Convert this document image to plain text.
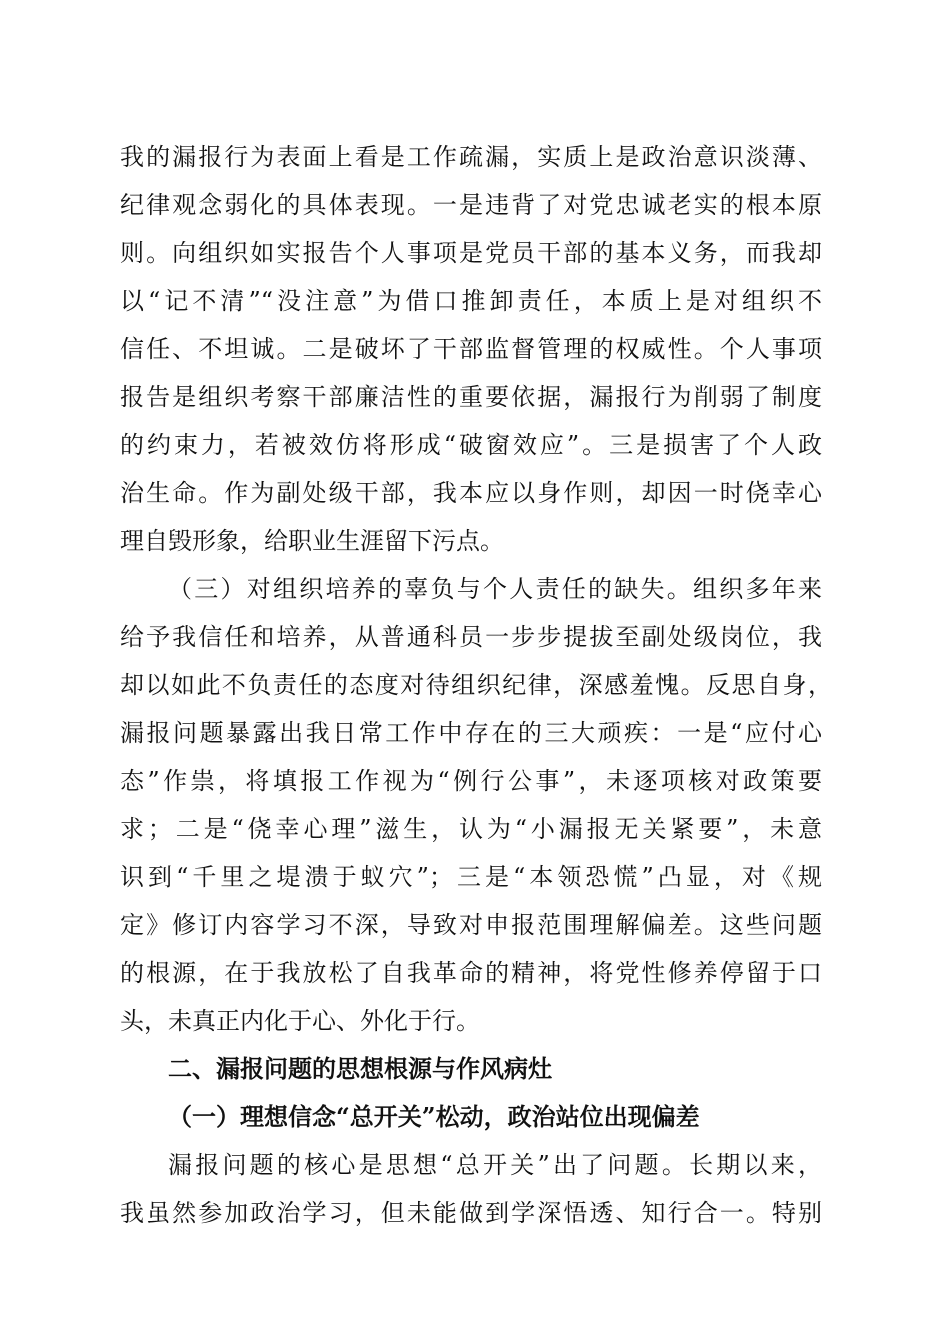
我的漏报行为表面上看是工作疏漏，实质上是政治意识淡薄、

纪律观念弱化的具体表现。一是违背了对党忠诚老实的根本原

则。向组织如实报告个人事项是党员干部的基本义务，而我却

以“记不清”“没注意”为借口推卸责任，本质上是对组织不

信任、不坦诚。二是破坏了干部监督管理的权威性。个人事项

报告是组织考察干部廉洁性的重要依据，漏报行为削弱了制度

的约束力，若被效仿将形成“破窗效应”。三是损害了个人政

治生命。作为副处级干部，我本应以身作则，却因一时侥幸心

理自毁形象，给职业生涯留下污点。

（三）对组织培养的辜负与个人责任的缺失。组织多年来

给予我信任和培养，从普通科员一步步提拔至副处级岗位，我

却以如此不负责任的态度对待组织纪律，深感羞愧。反思自身，

漏报问题暴露出我日常工作中存在的三大顽疾：一是“应付心

态”作祟，将填报工作视为“例行公事”，未逐项核对政策要

求；二是“侥幸心理”滋生，认为“小漏报无关紧要”，未意

识到“千里之堤溃于蚁穴”；三是“本领恐慌”凸显，对《规

定》修订内容学习不深，导致对申报范围理解偏差。这些问题

的根源，在于我放松了自我革命的精神，将党性修养停留于口

头，未真正内化于心、外化于行。

二、漏报问题的思想根源与作风病灶
（一）理想信念“总开关”松动，政治站位出现偏差

漏报问题的核心是思想“总开关”出了问题。长期以来，

我虽然参加政治学习，但未能做到学深悟透、知行合一。特别
